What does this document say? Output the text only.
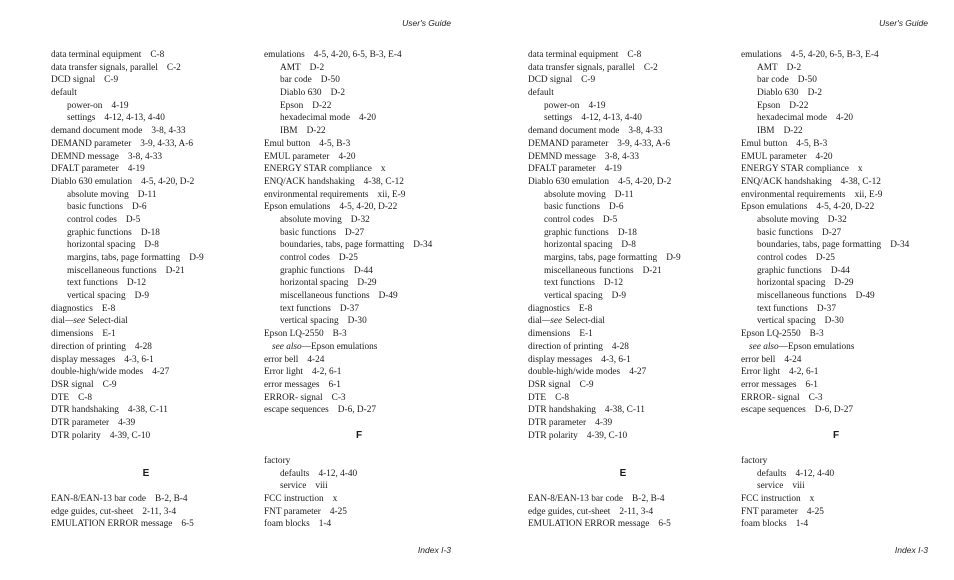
User's Guide
data terminal equipment C-8
data transfer signals, parallel C-2
DCD signal C-9
default
power-on 4-19
settings 4-12, 4-13, 4-40
demand document mode 3-8, 4-33
DEMAND parameter 3-9, 4-33, A-6
DEMND message 3-8, 4-33
DFALT parameter 4-19
Diablo 630 emulation 4-5, 4-20, D-2
absolute moving D-11
basic functions D-6
control codes D-5
graphic functions D-18
horizontal spacing D-8
margins, tabs, page formatting D-9
miscellaneous functions D-21
text functions D-12
vertical spacing D-9
diagnostics E-8
dial—see Select-dial
dimensions E-1
direction of printing 4-28
display messages 4-3, 6-1
double-high/wide modes 4-27
DSR signal C-9
DTE C-8
DTR handshaking 4-38, C-11
DTR parameter 4-39
DTR polarity 4-39, C-10
E
EAN-8/EAN-13 bar code B-2, B-4
edge guides, cut-sheet 2-11, 3-4
EMULATION ERROR message 6-5
emulations 4-5, 4-20, 6-5, B-3, E-4
AMT D-2
bar code D-50
Diablo 630 D-2
Epson D-22
hexadecimal mode 4-20
IBM D-22
Emul button 4-5, B-3
EMUL parameter 4-20
ENERGY STAR compliance x
ENQ/ACK handshaking 4-38, C-12
environmental requirements xii, E-9
Epson emulations 4-5, 4-20, D-22
absolute moving D-32
basic functions D-27
boundaries, tabs, page formatting D-34
control codes D-25
graphic functions D-44
horizontal spacing D-29
miscellaneous functions D-49
text functions D-37
vertical spacing D-30
Epson LQ-2550 B-3
see also—Epson emulations
error bell 4-24
Error light 4-2, 6-1
error messages 6-1
ERROR- signal C-3
escape sequences D-6, D-27
F
factory
defaults 4-12, 4-40
service viii
FCC instruction x
FNT parameter 4-25
foam blocks 1-4
Index I-3
User's Guide
data terminal equipment C-8
data transfer signals, parallel C-2
DCD signal C-9
default
power-on 4-19
settings 4-12, 4-13, 4-40
demand document mode 3-8, 4-33
DEMAND parameter 3-9, 4-33, A-6
DEMND message 3-8, 4-33
DFALT parameter 4-19
Diablo 630 emulation 4-5, 4-20, D-2
absolute moving D-11
basic functions D-6
control codes D-5
graphic functions D-18
horizontal spacing D-8
margins, tabs, page formatting D-9
miscellaneous functions D-21
text functions D-12
vertical spacing D-9
diagnostics E-8
dial—see Select-dial
dimensions E-1
direction of printing 4-28
display messages 4-3, 6-1
double-high/wide modes 4-27
DSR signal C-9
DTE C-8
DTR handshaking 4-38, C-11
DTR parameter 4-39
DTR polarity 4-39, C-10
E
EAN-8/EAN-13 bar code B-2, B-4
edge guides, cut-sheet 2-11, 3-4
EMULATION ERROR message 6-5
emulations 4-5, 4-20, 6-5, B-3, E-4
AMT D-2
bar code D-50
Diablo 630 D-2
Epson D-22
hexadecimal mode 4-20
IBM D-22
Emul button 4-5, B-3
EMUL parameter 4-20
ENERGY STAR compliance x
ENQ/ACK handshaking 4-38, C-12
environmental requirements xii, E-9
Epson emulations 4-5, 4-20, D-22
absolute moving D-32
basic functions D-27
boundaries, tabs, page formatting D-34
control codes D-25
graphic functions D-44
horizontal spacing D-29
miscellaneous functions D-49
text functions D-37
vertical spacing D-30
Epson LQ-2550 B-3
see also—Epson emulations
error bell 4-24
Error light 4-2, 6-1
error messages 6-1
ERROR- signal C-3
escape sequences D-6, D-27
F
factory
defaults 4-12, 4-40
service viii
FCC instruction x
FNT parameter 4-25
foam blocks 1-4
Index I-3
